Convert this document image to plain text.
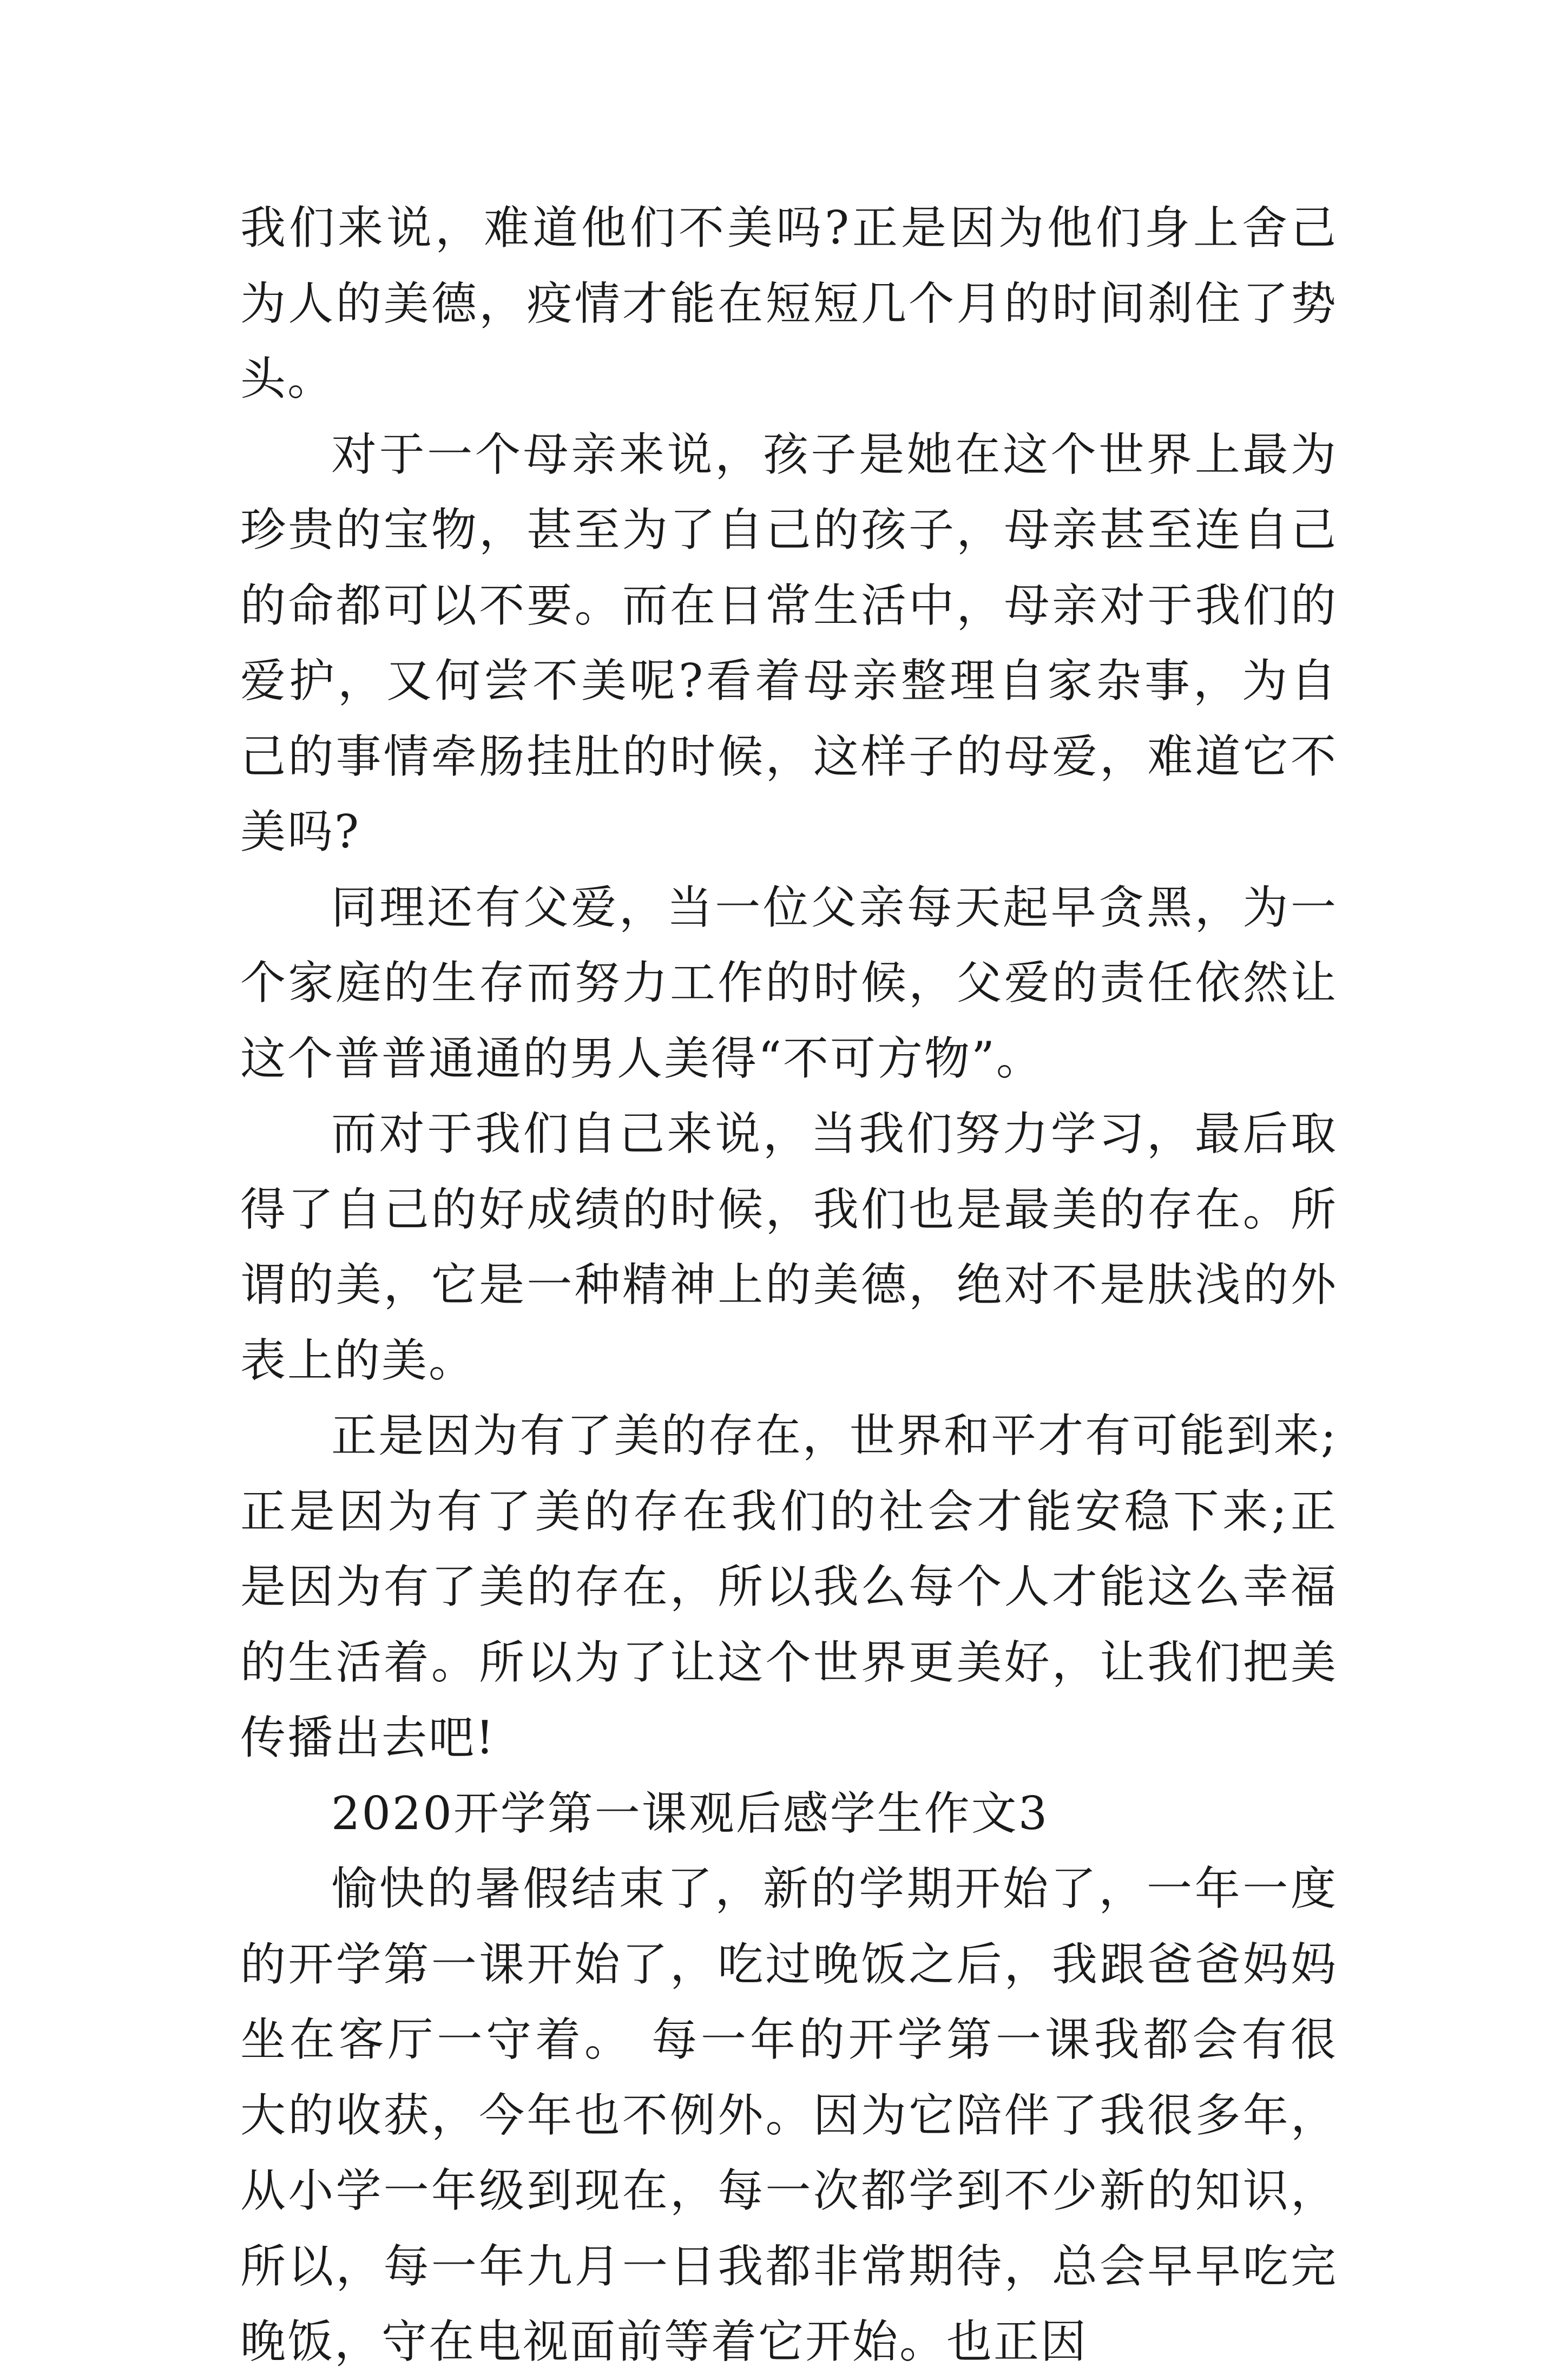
我们来说，难道他们不美吗?正是因为他们身上舍己为人的美德，疫情才能在短短几个月的时间刹住了势头。

对于一个母亲来说，孩子是她在这个世界上最为珍贵的宝物，甚至为了自己的孩子，母亲甚至连自己的命都可以不要。而在日常生活中，母亲对于我们的爱护，又何尝不美呢?看着母亲整理自家杂事，为自己的事情牵肠挂肚的时候，这样子的母爱，难道它不美吗?

同理还有父爱，当一位父亲每天起早贪黑，为一个家庭的生存而努力工作的时候，父爱的责任依然让这个普普通通的男人美得“不可方物”。

而对于我们自己来说，当我们努力学习，最后取得了自己的好成绩的时候，我们也是最美的存在。所谓的美，它是一种精神上的美德，绝对不是肤浅的外表上的美。

正是因为有了美的存在，世界和平才有可能到来;正是因为有了美的存在我们的社会才能安稳下来;正是因为有了美的存在，所以我么每个人才能这么幸福的生活着。所以为了让这个世界更美好，让我们把美传播出去吧!

2020开学第一课观后感学生作文3

愉快的暑假结束了，新的学期开始了，一年一度的开学第一课开始了，吃过晚饭之后，我跟爸爸妈妈坐在客厅一守着。 每一年的开学第一课我都会有很大的收获，今年也不例外。因为它陪伴了我很多年，从小学一年级到现在，每一次都学到不少新的知识，所以，每一年九月一日我都非常期待，总会早早吃完晚饭，守在电视面前等着它开始。也正因
